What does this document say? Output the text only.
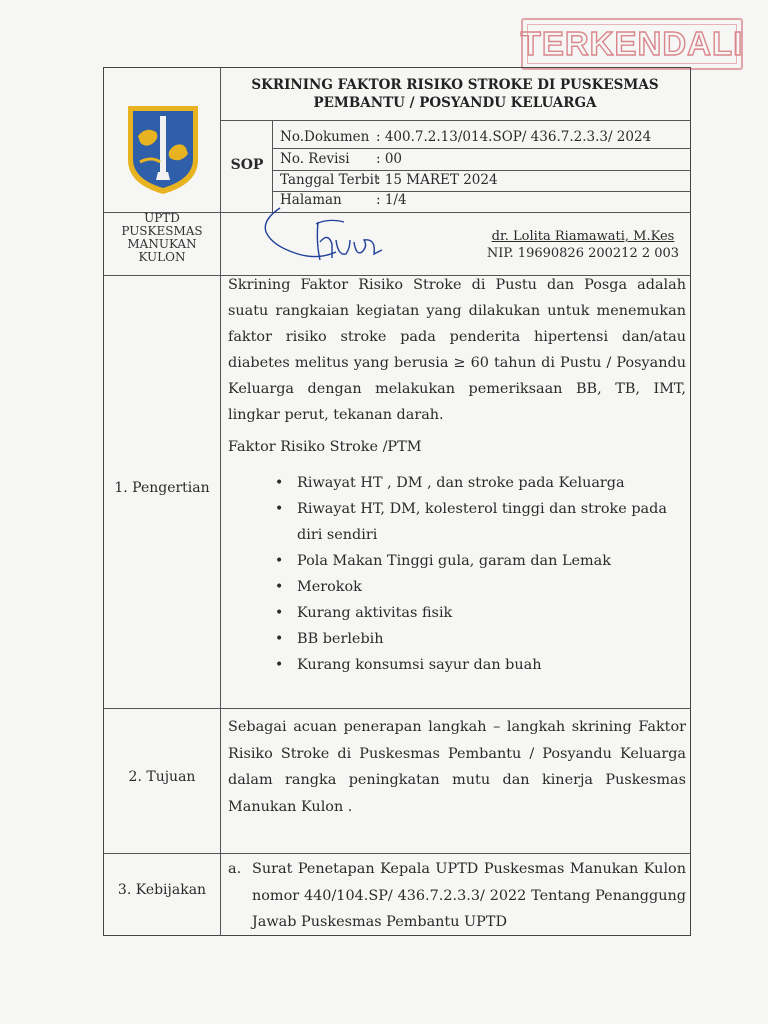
TERKENDALI
SKRINING FAKTOR RISIKO STROKE DI PUSKESMAS
PEMBANTU / POSYANDU KELUARGA
SOP
No.Dokumen : 400.7.2.13/014.SOP/ 436.7.2.3.3/ 2024
No. Revisi : 00
Tanggal Terbit: 15 MARET 2024
Halaman	: 1/4
UPTD
PUSKESMAS
MANUKAN
KULON
dr. Lolita Riamawati, M.Kes
NIP. 19690826 200212 2 003
1. Pengertian
Skrining Faktor Risiko Stroke di Pustu dan Posga adalah suatu rangkaian kegiatan yang dilakukan untuk menemukan faktor risiko stroke pada penderita hipertensi dan/atau diabetes melitus yang berusia ≥ 60 tahun di Pustu / Posyandu Keluarga dengan melakukan pemeriksaan BB, TB, IMT, lingkar perut, tekanan darah.
Faktor Risiko Stroke /PTM
• Riwayat HT , DM , dan stroke pada Keluarga
• Riwayat HT, DM, kolesterol tinggi dan stroke pada diri sendiri
• Pola Makan Tinggi gula, garam dan Lemak
• Merokok
• Kurang aktivitas fisik
• BB berlebih
• Kurang konsumsi sayur dan buah
2. Tujuan
Sebagai acuan penerapan langkah – langkah skrining Faktor Risiko Stroke di Puskesmas Pembantu / Posyandu Keluarga dalam rangka peningkatan mutu dan kinerja Puskesmas Manukan Kulon .
3. Kebijakan
a. Surat Penetapan Kepala UPTD Puskesmas Manukan Kulon nomor 440/104.SP/ 436.7.2.3.3/ 2022 Tentang Penanggung Jawab Puskesmas Pembantu UPTD
